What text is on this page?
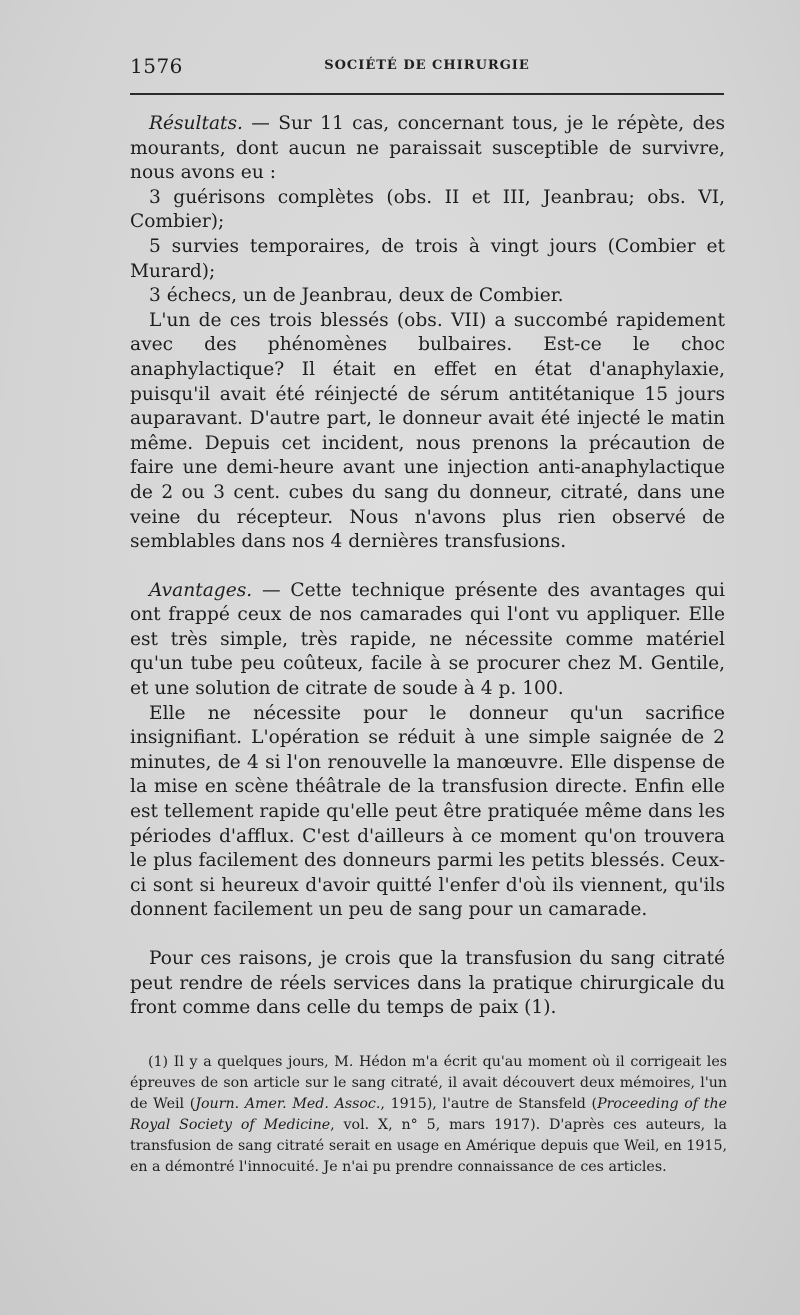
1576	SOCIÉTÉ DE CHIRURGIE

Résultats. — Sur 11 cas, concernant tous, je le répète, des mourants, dont aucun ne paraissait susceptible de survivre, nous avons eu :

3 guérisons complètes (obs. II et III, Jeanbrau; obs. VI, Combier);

5 survies temporaires, de trois à vingt jours (Combier et Murard);

3 échecs, un de Jeanbrau, deux de Combier.

L'un de ces trois blessés (obs. VII) a succombé rapidement avec des phénomènes bulbaires. Est-ce le choc anaphylactique? Il était en effet en état d'anaphylaxie, puisqu'il avait été réinjecté de sérum antitétanique 15 jours auparavant. D'autre part, le donneur avait été injecté le matin même. Depuis cet incident, nous prenons la précaution de faire une demi-heure avant une injection anti-anaphylactique de 2 ou 3 cent. cubes du sang du donneur, citraté, dans une veine du récepteur. Nous n'avons plus rien observé de semblables dans nos 4 dernières transfusions.

Avantages. — Cette technique présente des avantages qui ont frappé ceux de nos camarades qui l'ont vu appliquer. Elle est très simple, très rapide, ne nécessite comme matériel qu'un tube peu coûteux, facile à se procurer chez M. Gentile, et une solution de citrate de soude à 4 p. 100.

Elle ne nécessite pour le donneur qu'un sacrifice insignifiant. L'opération se réduit à une simple saignée de 2 minutes, de 4 si l'on renouvelle la manœuvre. Elle dispense de la mise en scène théâtrale de la transfusion directe. Enfin elle est tellement rapide qu'elle peut être pratiquée même dans les périodes d'afflux. C'est d'ailleurs à ce moment qu'on trouvera le plus facilement des donneurs parmi les petits blessés. Ceux-ci sont si heureux d'avoir quitté l'enfer d'où ils viennent, qu'ils donnent facilement un peu de sang pour un camarade.

Pour ces raisons, je crois que la transfusion du sang citraté peut rendre de réels services dans la pratique chirurgicale du front comme dans celle du temps de paix (1).

(1) Il y a quelques jours, M. Hédon m'a écrit qu'au moment où il corrigeait les épreuves de son article sur le sang citraté, il avait découvert deux mémoires, l'un de Weil (Journ. Amer. Med. Assoc., 1915), l'autre de Stansfeld (Proceeding of the Royal Society of Medicine, vol. X, n° 5, mars 1917). D'après ces auteurs, la transfusion de sang citraté serait en usage en Amérique depuis que Weil, en 1915, en a démontré l'innocuité. Je n'ai pu prendre connaissance de ces articles.
